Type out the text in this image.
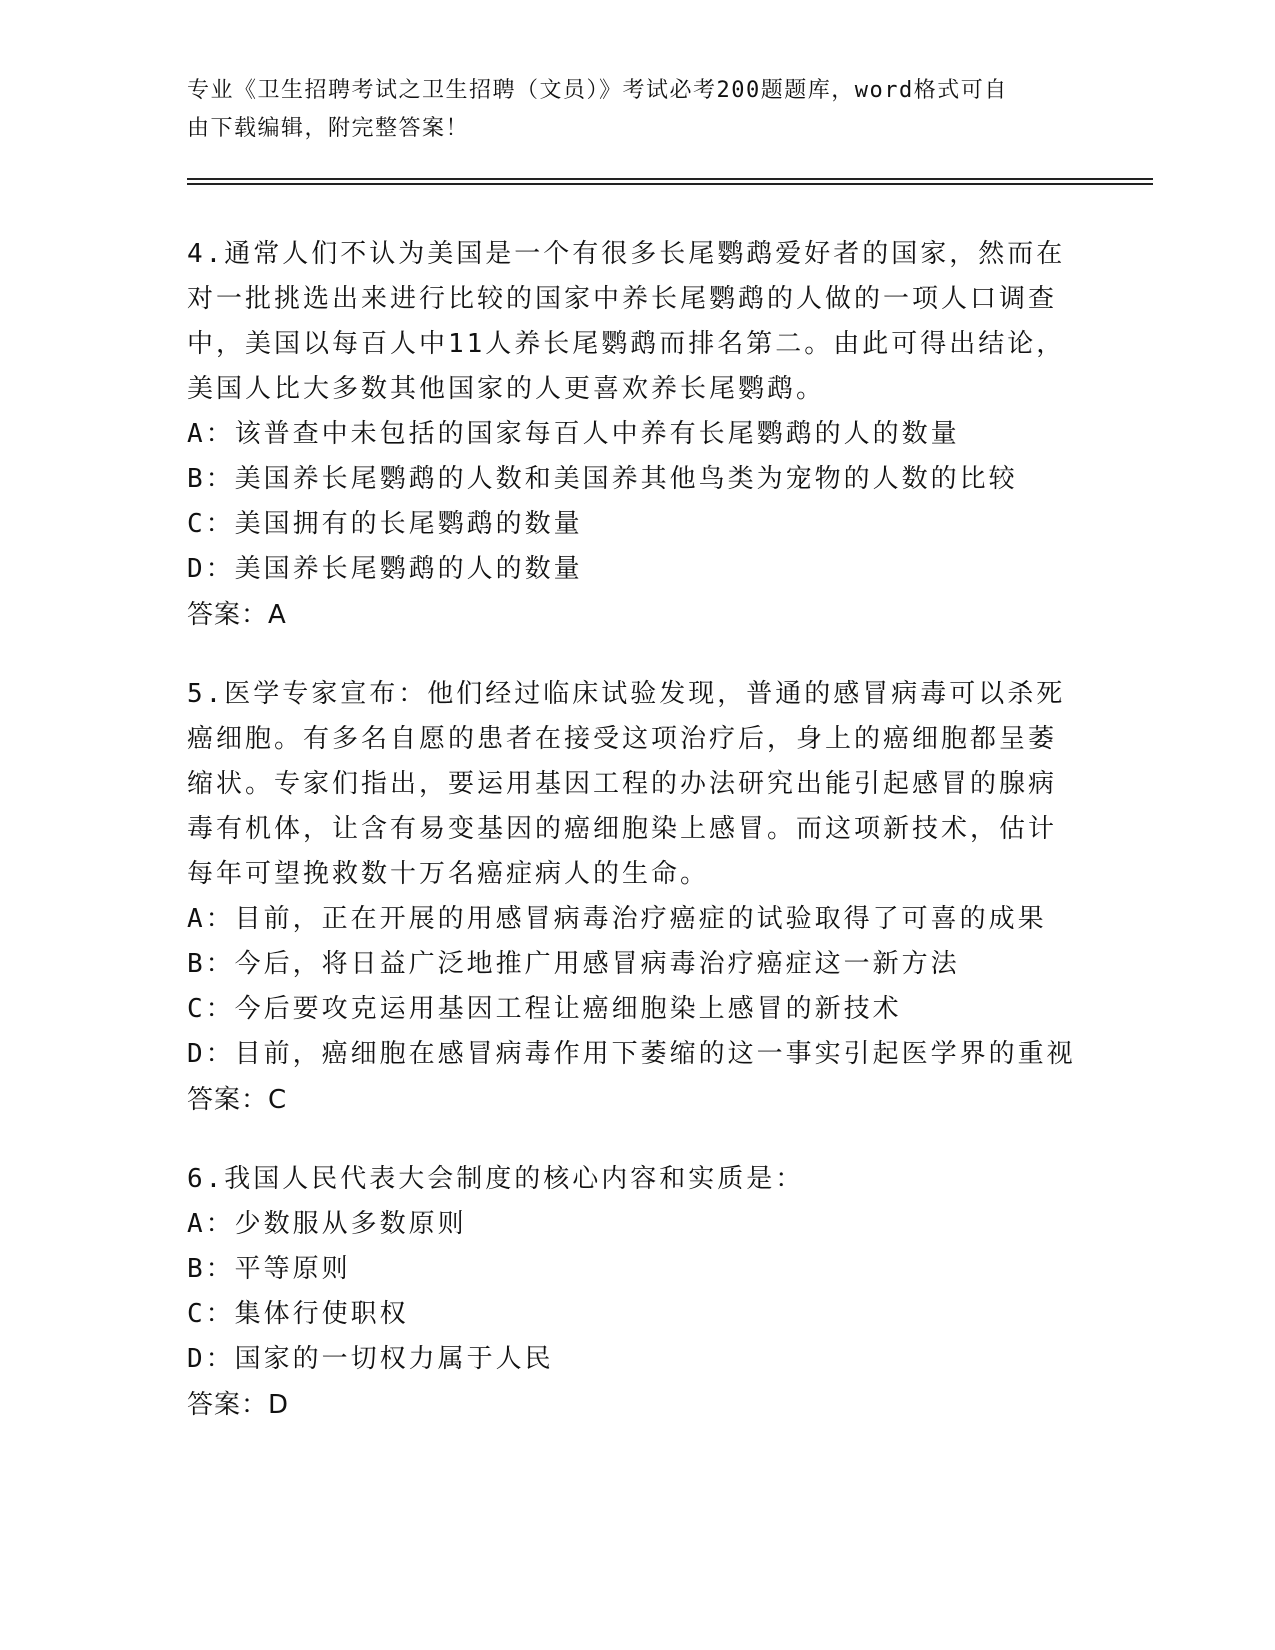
专业《卫生招聘考试之卫生招聘（文员）》考试必考200题题库，word格式可自
由下载编辑，附完整答案！
4.通常人们不认为美国是一个有很多长尾鹦鹉爱好者的国家，然而在
对一批挑选出来进行比较的国家中养长尾鹦鹉的人做的一项人口调查
中，美国以每百人中11人养长尾鹦鹉而排名第二。由此可得出结论，
美国人比大多数其他国家的人更喜欢养长尾鹦鹉。
A：该普查中未包括的国家每百人中养有长尾鹦鹉的人的数量
B：美国养长尾鹦鹉的人数和美国养其他鸟类为宠物的人数的比较
C：美国拥有的长尾鹦鹉的数量
D：美国养长尾鹦鹉的人的数量
答案：A
5.医学专家宣布：他们经过临床试验发现，普通的感冒病毒可以杀死
癌细胞。有多名自愿的患者在接受这项治疗后，身上的癌细胞都呈萎
缩状。专家们指出，要运用基因工程的办法研究出能引起感冒的腺病
毒有机体，让含有易变基因的癌细胞染上感冒。而这项新技术，估计
每年可望挽救数十万名癌症病人的生命。
A：目前，正在开展的用感冒病毒治疗癌症的试验取得了可喜的成果
B：今后，将日益广泛地推广用感冒病毒治疗癌症这一新方法
C：今后要攻克运用基因工程让癌细胞染上感冒的新技术
D：目前，癌细胞在感冒病毒作用下萎缩的这一事实引起医学界的重视
答案：C
6.我国人民代表大会制度的核心内容和实质是：
A：少数服从多数原则
B：平等原则
C：集体行使职权
D：国家的一切权力属于人民
答案：D
